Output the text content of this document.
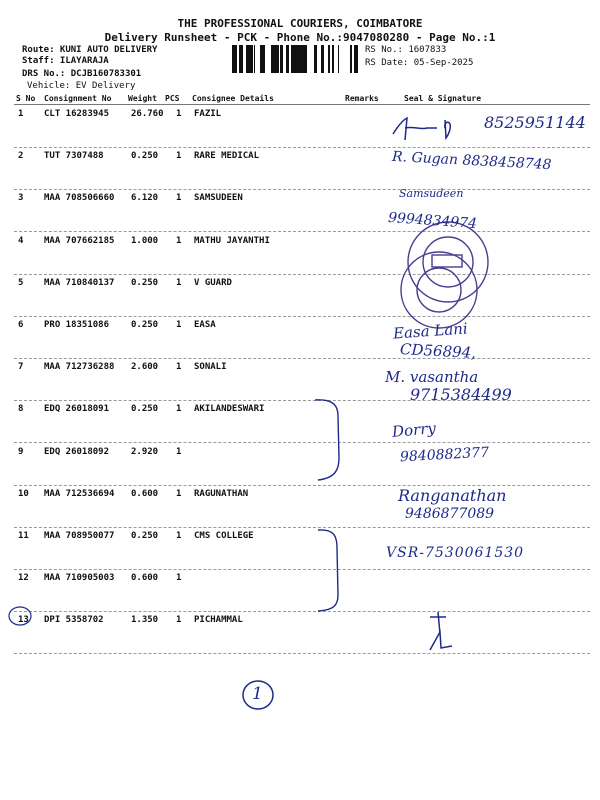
THE PROFESSIONAL COURIERS, COIMBATORE
Delivery Runsheet - PCK - Phone No.:9047080280 - Page No.:1
Route: KUNI AUTO DELIVERY
Staff: ILAYARAJA
DRS No.: DCJB160783301
Vehicle: EV Delivery
RS No.: 1607833
RS Date: 05-Sep-2025
S No Consignment No Weight PCS Consignee Details	Remarks	Seal & Signature
1 CLT 16283945 26.760 1 FAZIL
2 TUT 7307488	0.250 1 RARE MEDICAL
3 MAA 708506660 6.120 1 SAMSUDEEN
4 MAA 707662185 1.000 1 MATHU JAYANTHI
5 MAA 710840137 0.250 1 V GUARD
6 PRO 18351086 0.250 1 EASA
7 MAA 712736288 2.600 1 SONALI
8 EDQ 26018091 0.250 1 AKILANDESWARI
9 EDQ 26018092 2.920 1
10 MAA 712536694 0.600 1 RAGUNATHAN
11 MAA 708950077 0.250 1 CMS COLLEGE
12 MAA 710905003 0.600 1
13 DPI 5358702	1.350 1 PICHAMMAL
8525951144
R. Gugan 8838458748
Samsudeen
9994834974
Easa Lani
CD56894,
M. vasantha
9715384499
Dorry
9840882377
Ranganathan
9486877089
VSR-7530061530
1
